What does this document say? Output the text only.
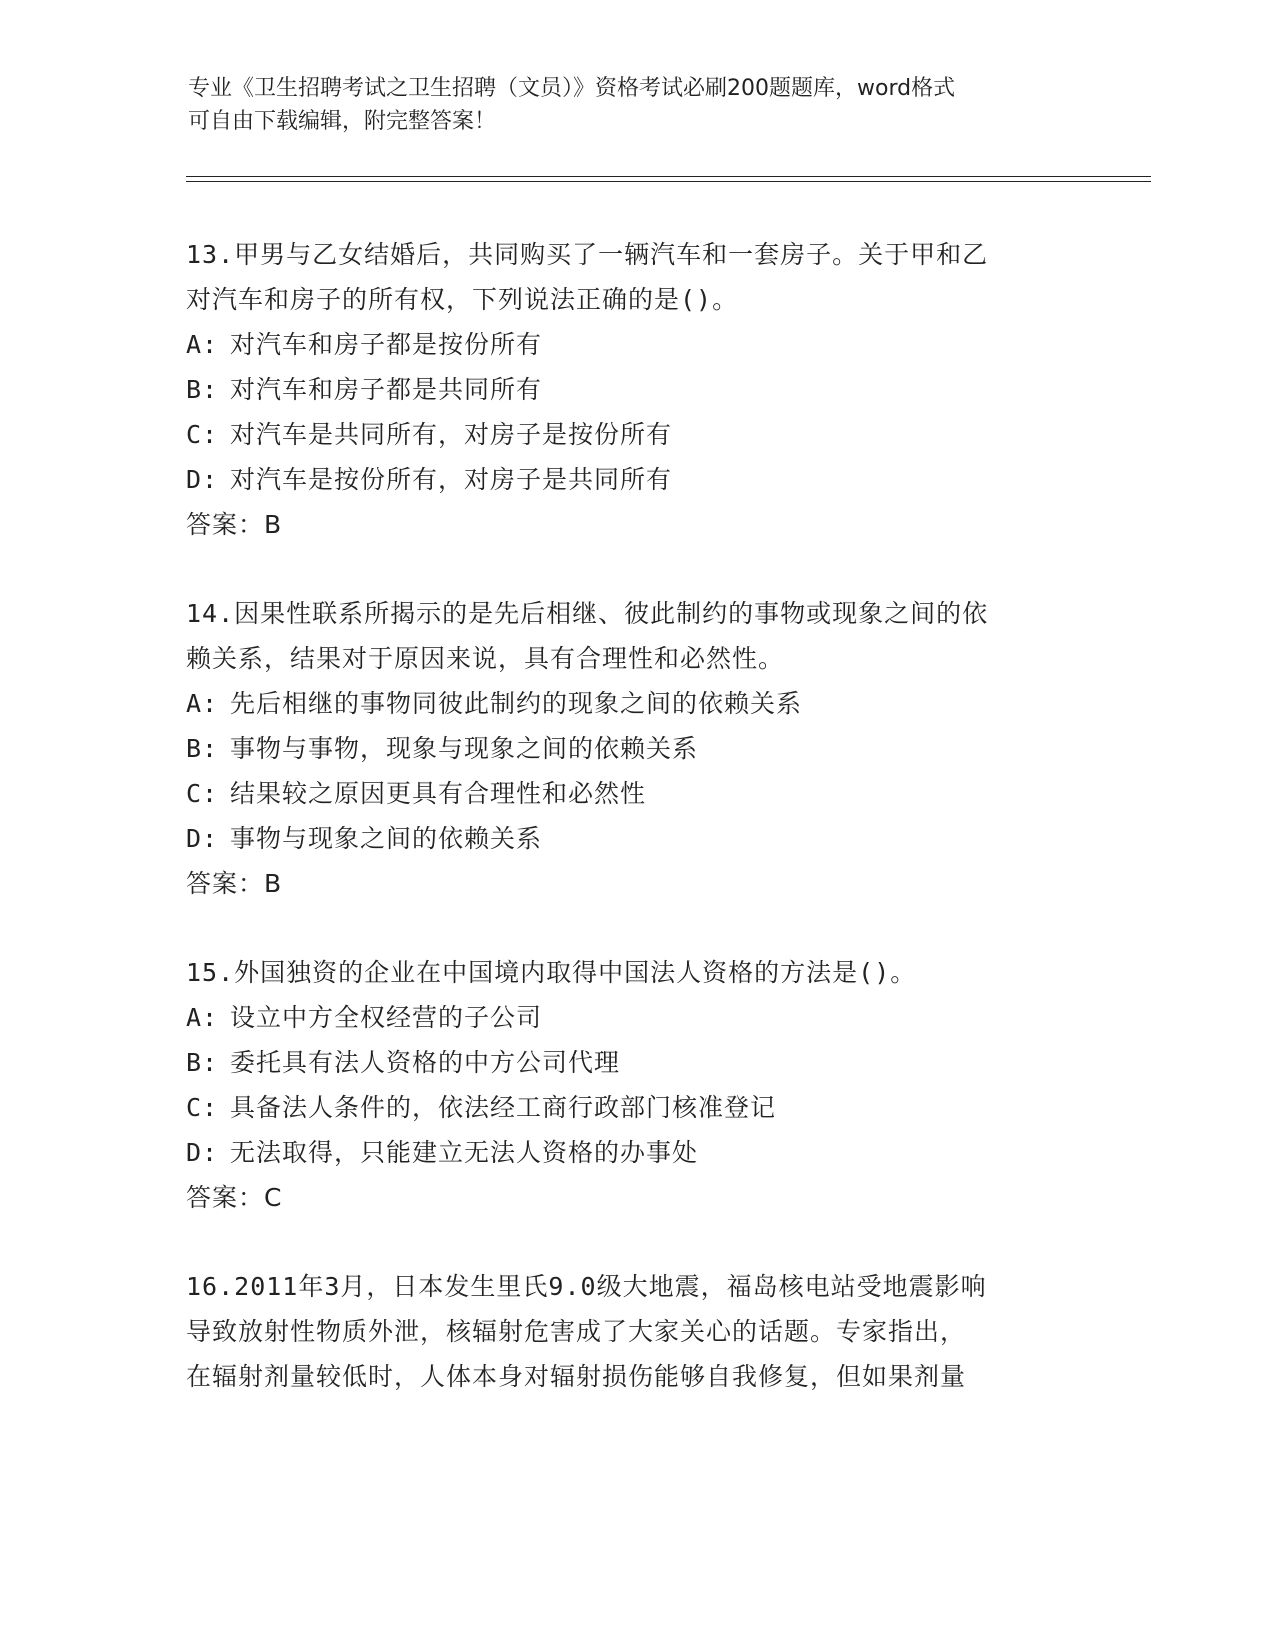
专业《卫生招聘考试之卫生招聘（文员）》资格考试必刷200题题库，word格式
可自由下载编辑，附完整答案！
13.甲男与乙女结婚后，共同购买了一辆汽车和一套房子。关于甲和乙
对汽车和房子的所有权，下列说法正确的是()。
A: 对汽车和房子都是按份所有
B: 对汽车和房子都是共同所有
C: 对汽车是共同所有，对房子是按份所有
D: 对汽车是按份所有，对房子是共同所有
答案：B
14.因果性联系所揭示的是先后相继、彼此制约的事物或现象之间的依
赖关系，结果对于原因来说，具有合理性和必然性。
A: 先后相继的事物同彼此制约的现象之间的依赖关系
B: 事物与事物，现象与现象之间的依赖关系
C: 结果较之原因更具有合理性和必然性
D: 事物与现象之间的依赖关系
答案：B
15.外国独资的企业在中国境内取得中国法人资格的方法是()。
A: 设立中方全权经营的子公司
B: 委托具有法人资格的中方公司代理
C: 具备法人条件的，依法经工商行政部门核准登记
D: 无法取得，只能建立无法人资格的办事处
答案：C
16.2011年3月，日本发生里氏9.0级大地震，福岛核电站受地震影响
导致放射性物质外泄，核辐射危害成了大家关心的话题。专家指出，
在辐射剂量较低时，人体本身对辐射损伤能够自我修复，但如果剂量
